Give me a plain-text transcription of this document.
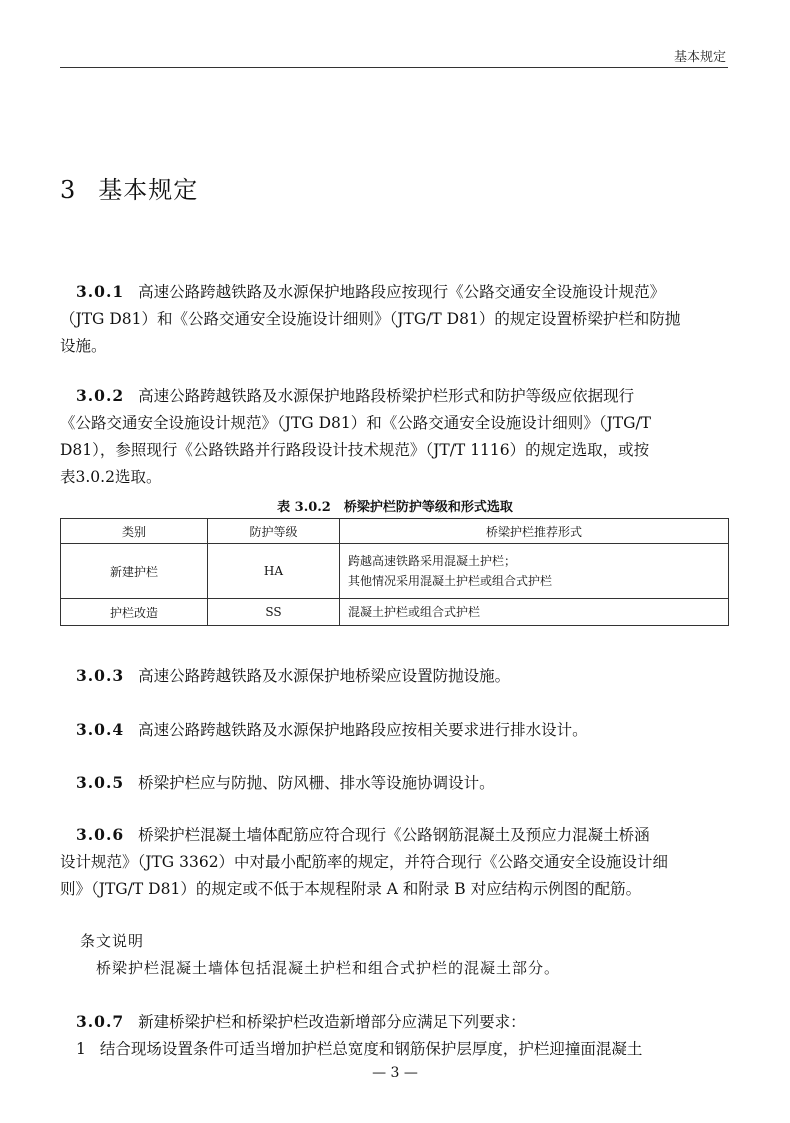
基本规定
3 基本规定
3.0.1 高速公路跨越铁路及水源保护地路段应按现行《公路交通安全设施设计规范》
（JTG D81）和《公路交通安全设施设计细则》（JTG/T D81）的规定设置桥梁护栏和防抛
设施。
3.0.2 高速公路跨越铁路及水源保护地路段桥梁护栏形式和防护等级应依据现行
《公路交通安全设施设计规范》（JTG D81）和《公路交通安全设施设计细则》（JTG/T
D81），参照现行《公路铁路并行路段设计技术规范》（JT/T 1116）的规定选取，或按
表3.0.2选取。
表 3.0.2　桥梁护栏防护等级和形式选取
类别	防护等级	桥梁护栏推荐形式
新建护栏	HA	跨越高速铁路采用混凝土护栏；
其他情况采用混凝土护栏或组合式护栏

护栏改造	SS	混凝土护栏或组合式护栏
3.0.3 高速公路跨越铁路及水源保护地桥梁应设置防抛设施。
3.0.4 高速公路跨越铁路及水源保护地路段应按相关要求进行排水设计。
3.0.5 桥梁护栏应与防抛、防风栅、排水等设施协调设计。
3.0.6 桥梁护栏混凝土墙体配筋应符合现行《公路钢筋混凝土及预应力混凝土桥涵
设计规范》（JTG 3362）中对最小配筋率的规定，并符合现行《公路交通安全设施设计细
则》（JTG/T D81）的规定或不低于本规程附录 A 和附录 B 对应结构示例图的配筋。
条文说明
桥梁护栏混凝土墙体包括混凝土护栏和组合式护栏的混凝土部分。
3.0.7 新建桥梁护栏和桥梁护栏改造新增部分应满足下列要求：
1 结合现场设置条件可适当增加护栏总宽度和钢筋保护层厚度，护栏迎撞面混凝土
— 3 —
